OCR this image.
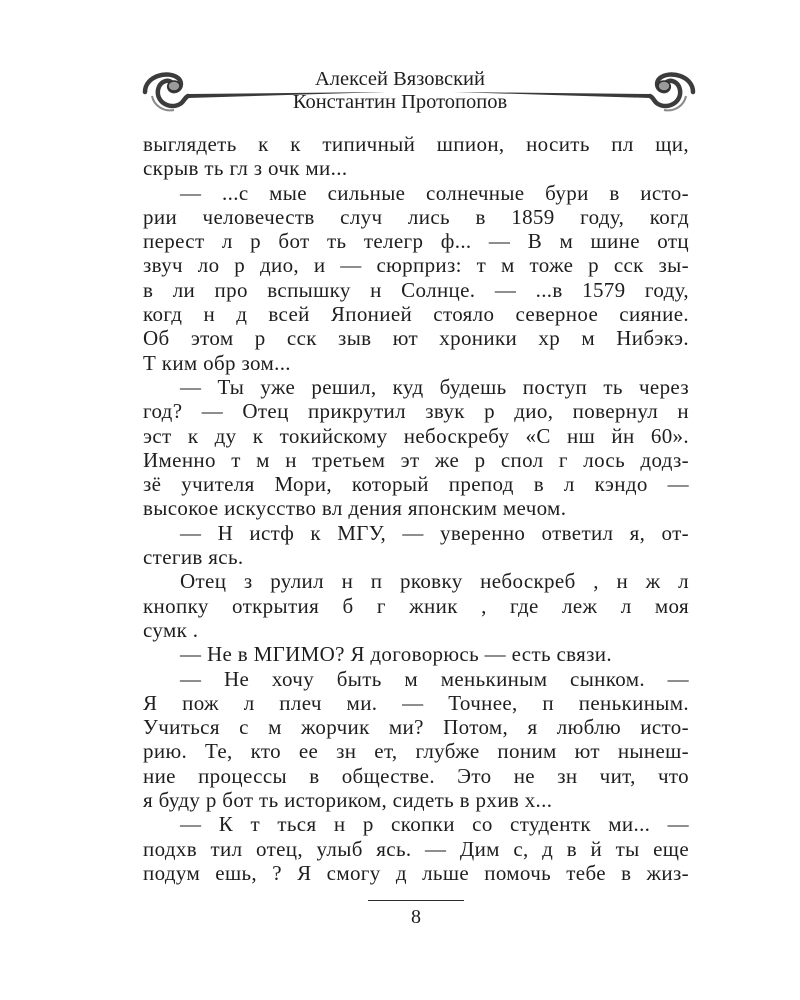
Алексей Вязовский
Константин Протопопов
выглядеть к к типичный шпион, носить пл щи,
скрыв ть гл з очк ми...
— ...с мые сильные солнечные бури в исто-
рии человечеств случ лись в 1859 году, когд
перест л р бот ть телегр ф... — В м шине отц
звуч ло р дио, и — сюрприз: т м тоже р сск зы-
в ли про вспышку н Солнце. — ...в 1579 году,
когд н д всей Японией стояло северное сияние.
Об этом р сск зыв ют хроники хр м Нибэкэ.
Т ким обр зом...
— Ты уже решил, куд будешь поступ ть через
год? — Отец прикрутил звук р дио, повернул н
эст к ду к токийскому небоскребу «С нш йн 60».
Именно т м н третьем эт же р спол г лось додз-
зё учителя Мори, который препод в л кэндо —
высокое искусство вл дения японским мечом.
— Н истф к МГУ, — уверенно ответил я, от-
стегив ясь.
Отец з рулил н п рковку небоскреб , н ж л
кнопку открытия б г жник , где леж л моя
сумк .
— Не в МГИМО? Я договорюсь — есть связи.
— Не хочу быть м менькиным сынком. —
Я пож л плеч ми. — Точнее, п пенькиным.
Учиться с м жорчик ми? Потом, я люблю исто-
рию. Те, кто ее зн ет, глубже поним ют нынеш-
ние процессы в обществе. Это не зн чит, что
я буду р бот ть историком, сидеть в рхив х...
— К т ться н р скопки со студентк ми... —
подхв тил отец, улыб ясь. — Дим с, д в й ты еще
подум ешь, ? Я смогу д льше помочь тебе в жиз-
8
